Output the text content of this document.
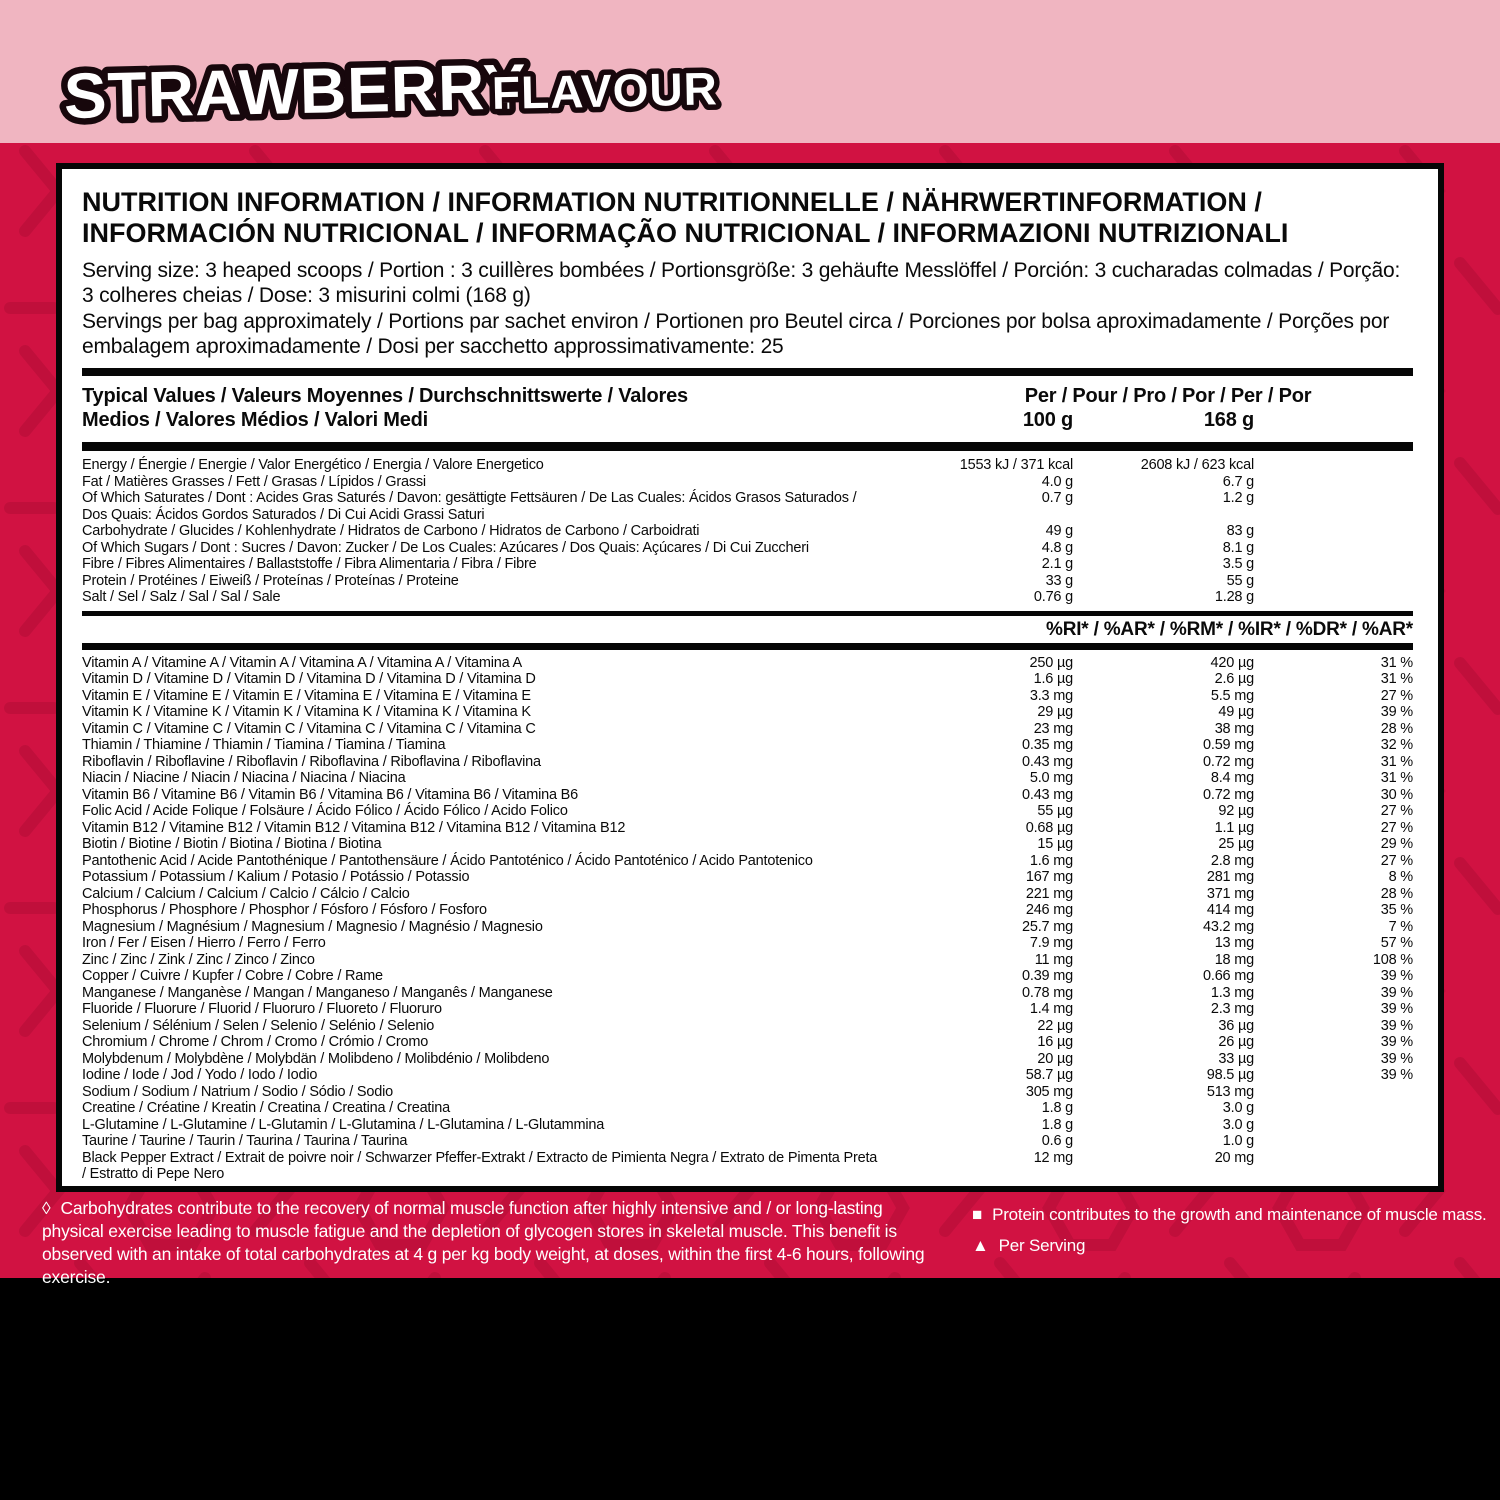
STRAWBERRY
FLAVOUR
NUTRITION INFORMATION / INFORMATION NUTRITIONNELLE / NÄHRWERTINFORMATION / INFORMACIÓN NUTRICIONAL / INFORMAÇÃO NUTRICIONAL / INFORMAZIONI NUTRIZIONALI

Serving size: 3 heaped scoops / Portion : 3 cuillères bombées / Portionsgröße: 3 gehäufte Messlöffel / Porción: 3 cucharadas colmadas / Porção: 3 colheres cheias / Dose: 3 misurini colmi (168 g)

Servings per bag approximately / Portions par sachet environ / Portionen pro Beutel circa / Porciones por bolsa aproximadamente / Porções por embalagem aproximadamente / Dosi per sacchetto approssimativamente: 25

Typical Values / Valeurs Moyennes / Durchschnittswerte / Valores Medios / Valores Médios / Valori Medi
Per / Pour / Pro / Por / Per / Por
100 g	168 g
Energy / Énergie / Energie / Valor Energético / Energia / Valore Energetico	1553 kJ / 371 kcal	2608 kJ / 623 kcal
Fat / Matières Grasses / Fett / Grasas / Lípidos / Grassi	4.0 g	6.7 g
Of Which Saturates / Dont : Acides Gras Saturés / Davon: gesättigte Fettsäuren / De Las Cuales: Ácidos Grasos Saturados / Dos Quais: Ácidos Gordos Saturados / Di Cui Acidi Grassi Saturi
0.7 g	1.2 g
Carbohydrate / Glucides / Kohlenhydrate / Hidratos de Carbono / Hidratos de Carbono / Carboidrati	49 g	83 g
Of Which Sugars / Dont : Sucres / Davon: Zucker / De Los Cuales: Azúcares / Dos Quais: Açúcares / Di Cui Zuccheri	4.8 g	8.1 g
Fibre / Fibres Alimentaires / Ballaststoffe / Fibra Alimentaria / Fibra / Fibre	2.1 g	3.5 g
Protein / Protéines / Eiweiß / Proteínas / Proteínas / Proteine	33 g	55 g
Salt / Sel / Salz / Sal / Sal / Sale	0.76 g	1.28 g
%RI* / %AR* / %RM* / %IR* / %DR* / %AR*
Vitamin A / Vitamine A / Vitamin A / Vitamina A / Vitamina A / Vitamina A	250 µg	420 µg	31 %
Vitamin D / Vitamine D / Vitamin D / Vitamina D / Vitamina D / Vitamina D	1.6 µg	2.6 µg	31 %
Vitamin E / Vitamine E / Vitamin E / Vitamina E / Vitamina E / Vitamina E	3.3 mg	5.5 mg	27 %
Vitamin K / Vitamine K / Vitamin K / Vitamina K / Vitamina K / Vitamina K	29 µg	49 µg	39 %
Vitamin C / Vitamine C / Vitamin C / Vitamina C / Vitamina C / Vitamina C	23 mg	38 mg	28 %
Thiamin / Thiamine / Thiamin / Tiamina / Tiamina / Tiamina	0.35 mg	0.59 mg	32 %
Riboflavin / Riboflavine / Riboflavin / Riboflavina / Riboflavina / Riboflavina	0.43 mg	0.72 mg	31 %
Niacin / Niacine / Niacin / Niacina / Niacina / Niacina	5.0 mg	8.4 mg	31 %
Vitamin B6 / Vitamine B6 / Vitamin B6 / Vitamina B6 / Vitamina B6 / Vitamina B6	0.43 mg	0.72 mg	30 %
Folic Acid / Acide Folique / Folsäure / Ácido Fólico / Ácido Fólico / Acido Folico	55 µg	92 µg	27 %
Vitamin B12 / Vitamine B12 / Vitamin B12 / Vitamina B12 / Vitamina B12 / Vitamina B12	0.68 µg	1.1 µg	27 %
Biotin / Biotine / Biotin / Biotina / Biotina / Biotina	15 µg	25 µg	29 %
Pantothenic Acid / Acide Pantothénique / Pantothensäure / Ácido Pantoténico / Ácido Pantoténico / Acido Pantotenico	1.6 mg	2.8 mg	27 %
Potassium / Potassium / Kalium / Potasio / Potássio / Potassio	167 mg	281 mg	8 %
Calcium / Calcium / Calcium / Calcio / Cálcio / Calcio	221 mg	371 mg	28 %
Phosphorus / Phosphore / Phosphor / Fósforo / Fósforo / Fosforo	246 mg	414 mg	35 %
Magnesium / Magnésium / Magnesium / Magnesio / Magnésio / Magnesio	25.7 mg	43.2 mg	7 %
Iron / Fer / Eisen / Hierro / Ferro / Ferro	7.9 mg	13 mg	57 %
Zinc / Zinc / Zink / Zinc / Zinco / Zinco	11 mg	18 mg	108 %
Copper / Cuivre / Kupfer / Cobre / Cobre / Rame	0.39 mg	0.66 mg	39 %
Manganese / Manganèse / Mangan / Manganeso / Manganês / Manganese	0.78 mg	1.3 mg	39 %
Fluoride / Fluorure / Fluorid / Fluoruro / Fluoreto / Fluoruro	1.4 mg	2.3 mg	39 %
Selenium / Sélénium / Selen / Selenio / Selénio / Selenio	22 µg	36 µg	39 %
Chromium / Chrome / Chrom / Cromo / Crómio / Cromo	16 µg	26 µg	39 %
Molybdenum / Molybdène / Molybdän / Molibdeno / Molibdénio / Molibdeno	20 µg	33 µg	39 %
Iodine / Iode / Jod / Yodo / Iodo / Iodio	58.7 µg	98.5 µg	39 %
Sodium / Sodium / Natrium / Sodio / Sódio / Sodio	305 mg	513 mg
Creatine / Créatine / Kreatin / Creatina / Creatina / Creatina	1.8 g	3.0 g
L-Glutamine / L-Glutamine / L-Glutamin / L-Glutamina / L-Glutamina / L-Glutammina	1.8 g	3.0 g
Taurine / Taurine / Taurin / Taurina / Taurina / Taurina	0.6 g	1.0 g
Black Pepper Extract / Extrait de poivre noir / Schwarzer Pfeffer-Extrakt / Extracto de Pimienta Negra / Extrato de Pimenta Preta / Estratto di Pepe Nero
12 mg	20 mg

◊ Carbohydrates contribute to the recovery of normal muscle function after highly intensive and / or long-lasting physical exercise leading to muscle fatigue and the depletion of glycogen stores in skeletal muscle. This benefit is observed with an intake of total carbohydrates at 4 g per kg body weight, at doses, within the first 4-6 hours, following exercise.
■ Protein contributes to the growth and maintenance of muscle mass.
▲ Per Serving
